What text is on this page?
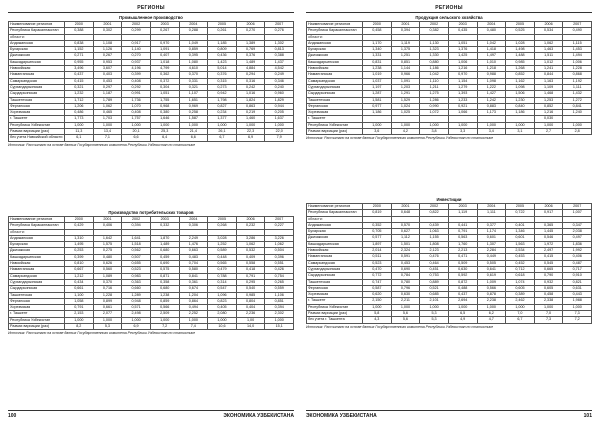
РЕГИОНЫ
Промышленное производство
Наименование регионов	2000	2001	2002	2003	2004	2005	2006	2007
Республика Каракалпакстан	0,388	0,302	0,299	0,267	0,288	0,261	0,270	0,276
области:								
Андижанская	0,838	1,108	0,917	0,970	1,049	1,185	1,389	1,302
Бухарская	1,152	1,126	1,140	1,091	0,859	0,809	0,769	0,813
Джизакская	0,271	0,267	0,270	0,407	0,395	0,436	0,376	0,388
Кашкадарьинская	0,955	0,953	0,937	1,018	1,080	1,423	1,489	1,437
Навоийская	3,496	3,607	4,196	4,799	4,610	5,014	4,884	4,542
Наманганская	0,437	0,403	0,399	0,362	0,370	0,376	0,294	0,249
Самаркандская	0,415	0,453	0,408	0,372	0,331	0,315	0,316	0,346
Сурхандарьинская	0,321	0,297	0,292	0,304	0,321	0,273	0,242	0,240
Сырдарьинская	1,232	1,187	0,991	1,051	1,107	0,942	1,016	0,960
Ташкентская	1,712	1,789	1,736	1,755	1,651	1,798	1,824	1,829
Ферганская	1,206	1,062	1,070	0,968	0,969	0,827	0,863	0,944
Хорезмская	0,486	0,465	0,408	0,380	0,258	0,234	0,219	0,205
г. Ташкент	1,773	1,703	1,757	1,646	1,587	1,377	1,460	1,637
Республика Узбекистан	1,000	1,000	1,000	1,000	1,000	1,000	1,000	1,000
Размах вариации (раз)	11,3	13,4	20,1	25,3	21,4	26,1	22,3	22,0
без учета Навоийской области	6,1	7,1	6,6	6,4	6,6	6,7	6,9	7,9
Источник: Рассчитано на основе данных Государственного комитета Республики Узбекистан по статистике
Производство потребительских товаров
Наименование регионов	2000	2001	2002	2003	2004	2005	2006	2007
Республика Каракалпакстан	0,429	0,406	0,394	0,332	0,306	0,268	0,232	0,227
области:								
Андижанская	1,310	1,642	1,641	1,870	2,249	3,028	3,286	3,226
Бухарская	1,495	1,575	1,518	1,489	1,476	1,252	1,062	1,062
Джизакская	0,253	0,275	0,562	0,680	0,663	0,589	0,532	0,504
Кашкадарьинская	0,399	0,480	0,507	0,459	0,483	0,448	0,409	0,396
Навоийская	0,810	0,626	0,655	0,690	0,704	0,565	0,558	0,551
Наманганская	0,667	0,560	0,523	0,575	0,580	0,479	0,418	0,426
Самаркандская	1,212	1,089	0,983	0,871	0,841	0,788	0,791	0,754
Сурхандарьинская	0,434	0,370	0,363	0,358	0,361	0,314	0,295	0,265
Сырдарьинская	0,661	0,716	0,660	0,680	0,674	0,547	0,540	0,559
Ташкентская	1,100	1,228	1,289	1,238	1,204	1,096	0,985	1,106
Ферганская	1,058	0,899	0,948	0,859	0,864	0,823	0,804	0,851
Хорезмская	0,791	0,661	0,571	0,566	0,494	0,405	0,404	0,394
г. Ташкент	2,153	2,077	2,498	2,509	2,252	2,080	2,236	2,302
Республика Узбекистан	1,000	1,000	1,000	1,000	1,000	1,000	1,00	1,000
Размах вариации (раз)	8,2	5,3	6,9	7,2	7,4	10,6	14,0	15,1
Источник: Рассчитано на основе данных Государственного комитета Республики Узбекистан по статистике
100	ЭКОНОМИКА УЗБЕКИСТАНА
РЕГИОНЫ
Продукция сельского хозяйства
Наименование регионов	2000	2001	2002	2003	2004	2005	2006	2007
Республика Каракалпакстан	0,458	0,394	0,382	0,435	0,480	0,525	0,534	0,490
области:								
Андижанская	1,170	1,119	1,130	1,051	1,042	1,028	1,062	1,115
Бухарская	1,340	1,375	1,323	1,376	1,418	1,498	1,463	1,453
Джизакская	1,331	1,251	1,330	1,425	1,497	1,488	1,511	1,494
Кашкадарьинская	0,831	0,851	0,880	1,006	1,010	0,985	1,012	1,006
Навоийская	1,238	1,144	1,186	1,216	1,218	1,268	1,241	1,228
Наманганская	1,019	0,966	1,042	0,970	0,988	0,852	0,844	0,868
Самаркандская	1,037	1,091	1,110	1,154	1,098	1,162	1,163	1,192
Сурхандарьинская	1,197	1,203	1,211	1,279	1,222	1,098	1,109	1,111
Сырдарьинская	1,287	1,291	1,275	1,393	1,427	1,506	1,468	1,432
Ташкентская	1,581	1,529	1,286	1,233	1,242	1,230	1,253	1,272
Ферганская	0,977	1,024	0,990	0,921	0,883	0,840	0,852	0,841
Хорезмская	1,186	1,025	1,072	1,066	1,173	1,186	1,216	1,240
г. Ташкент							0,030	
Республика Узбекистан	1,000	1,000	1,000	1,000	1,000	1,000	1,000	1,000
Размах вариации (раз)	3,6	4,2	3,8	3,3	3,4	3,1	2,7	2,8
Источник: Рассчитано на основе данных Государственного комитета Республики Узбекистан по статистике
Инвестиции
Наименование регионов	2000	2001	2002	2003	2004	2005	2006	2007
Республика Каракалпакстан	0,819	0,648	0,822	1,119	1,111	0,722	0,917	1,007
области:								
Андижанская	0,352	0,570	0,439	0,441	0,377	0,401	0,365	0,347
Бухарская	0,705	0,627	1,063	0,791	1,174	1,346	1,445	2,038
Джизакская	0,577	1,112	1,155	0,563	0,601	0,601	0,546	0,497
Кашкадарьинская	1,897	1,501	1,808	1,760	1,307	1,563	1,972	1,836
Навоийская	2,014	2,324	2,123	2,213	2,284	2,534	2,497	1,992
Наманганская	0,511	0,591	0,476	0,471	0,449	0,453	0,415	0,406
Самаркандская	0,523	0,453	0,464	0,509	0,505	0,452	0,545	0,487
Сурхандарьинская	0,470	0,690	0,451	0,630	0,641	0,712	0,665	0,717
Сырдарьинская	0,772	0,784	0,753	0,592	0,619	0,618	0,790	0,910
Ташкентская	0,747	0,780	0,889	0,872	1,009	1,074	0,932	0,821
Ферганская	0,587	0,796	0,521	0,488	0,566	0,605	0,605	0,631
Хорезмская	0,620	0,630	0,685	0,437	0,878	0,389	0,458	0,443
г. Ташкент	2,150	2,211	2,101	2,694	2,238	2,462	2,338	1,988
Республика Узбекистан	1,000	1,000	1,000	1,000	1,000	1,000	1,000	1,000
Размах вариации (раз)	5,8	5,6	5,3	6,5	6,2	7,0	7,0	7,3
без учета г. Ташкента	4,3	5,6	5,3	4,9	4,7	6,7	7,3	7,2
Источник: Рассчитано на основе данных Государственного комитета Республики Узбекистан по статистике
ЭКОНОМИКА УЗБЕКИСТАНА	101
